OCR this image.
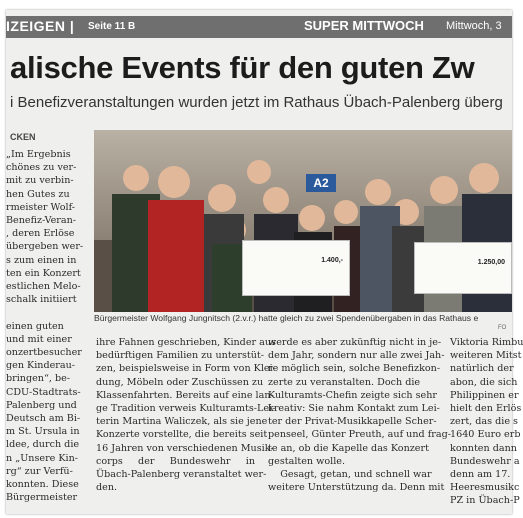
IZEIGEN | Seite 11 B	SUPER MITTWOCH Mittwoch, 3
alische Events für den guten Zw
i Benefizveranstaltungen wurden jetzt im Rathaus Übach-Palenberg überg
CKEN
„Im Ergebnis
chönes zu ver-
mit zu verbin-
hen Gutes zu
rmeister Wolf-
Benefiz-Veran-
, deren Erlöse
übergeben wer-
s zum einen in
ten ein Konzert
estlichen Melo-
schalk initiiert

einen guten
und mit einer
onzertbesucher
gen Kinderau-
bringen“, be-
CDU-Stadtrats-
Palenberg und
Deutsch am Bi-
m St. Ursula in
ldee, durch die
n „Unsere Kin-
rg“ zur Verfü-
konnten. Diese
Bürgermeister
A2
1.400,-	1.250,00
Bürgermeister Wolfgang Jungnitsch (2.v.r.) hatte gleich zu zwei Spendenübergaben in das Rathaus e
FO
ihre Fahnen geschrieben, Kinder aus
bedürftigen Familien zu unterstüt-
zen, beispielsweise in Form von Klei-
dung, Möbeln oder Zuschüssen zu
Klassenfahrten. Bereits auf eine lan-
ge Tradition verweis Kulturamts-Lei-
terin Martina Waliczek, als sie jene
Konzerte vorstellte, die bereits seit
16 Jahren von verschiedenen Musik-
corps     der     Bundeswehr     in
Übach-Palenberg veranstaltet wer-
den.
werde es aber zukünftig nicht in je-
dem Jahr, sondern nur alle zwei Jah-
re möglich sein, solche Benefizkon-
zerte zu veranstalten. Doch die
Kulturamts-Chefin zeigte sich sehr
kreativ: Sie nahm Kontakt zum Lei-
ter der Privat-Musikkapelle Scher-
penseel, Günter Preuth, auf und frag-
te an, ob die Kapelle das Konzert
gestalten wolle.
Gesagt, getan, und schnell war
weitere Unterstützung da. Denn mit
Viktoria Rimbu
weiteren Mitst
natürlich der
abon, die sich
Philippinen er
hielt den Erlös
zert, das die s
1640 Euro erb
konnten dann
Bundeswehr a
denn am 17.
Heeresmusikc
PZ in Übach-P
